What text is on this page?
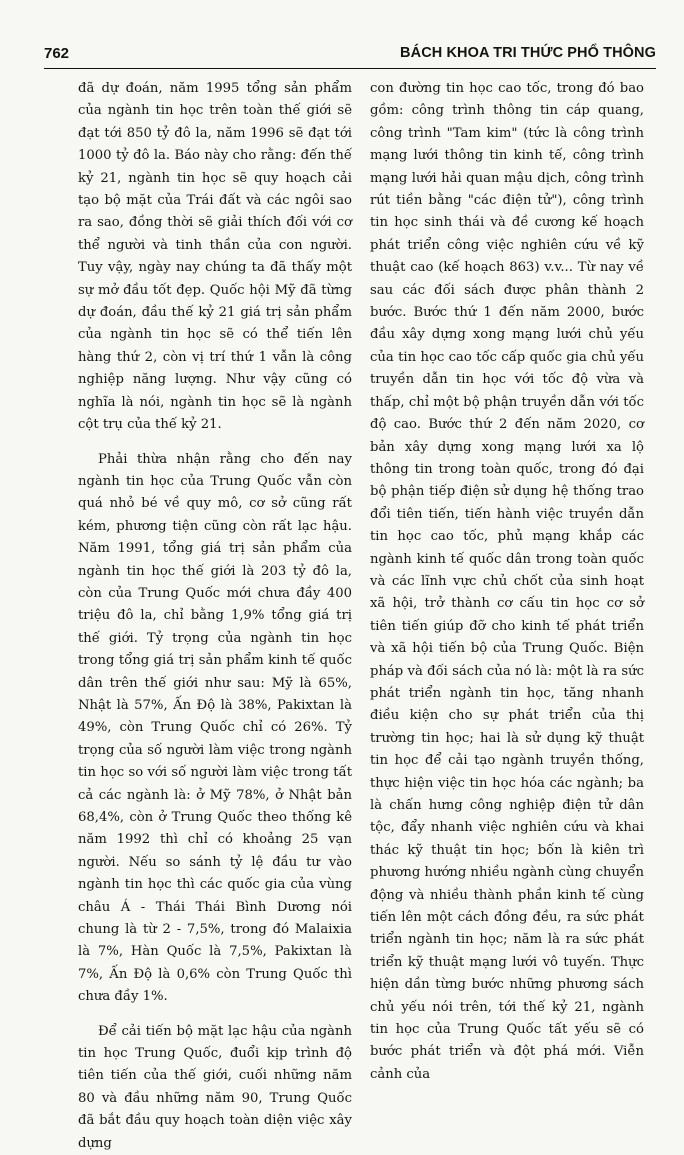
762	BÁCH KHOA TRI THỨC PHỔ THÔNG

đã dự đoán, năm 1995 tổng sản phẩm của ngành tin học trên toàn thế giới sẽ đạt tới 850 tỷ đô la, năm 1996 sẽ đạt tới 1000 tỷ đô la. Báo này cho rằng: đến thế kỷ 21, ngành tin học sẽ quy hoạch cải tạo bộ mặt của Trái đất và các ngôi sao ra sao, đồng thời sẽ giải thích đối với cơ thể người và tinh thần của con người. Tuy vậy, ngày nay chúng ta đã thấy một sự mở đầu tốt đẹp. Quốc hội Mỹ đã từng dự đoán, đầu thế kỷ 21 giá trị sản phẩm của ngành tin học sẽ có thể tiến lên hàng thứ 2, còn vị trí thứ 1 vẫn là công nghiệp năng lượng. Như vậy cũng có nghĩa là nói, ngành tin học sẽ là ngành cột trụ của thế kỷ 21.

Phải thừa nhận rằng cho đến nay ngành tin học của Trung Quốc vẫn còn quá nhỏ bé về quy mô, cơ sở cũng rất kém, phương tiện cũng còn rất lạc hậu. Năm 1991, tổng giá trị sản phẩm của ngành tin học thế giới là 203 tỷ đô la, còn của Trung Quốc mới chưa đầy 400 triệu đô la, chỉ bằng 1,9% tổng giá trị thế giới. Tỷ trọng của ngành tin học trong tổng giá trị sản phẩm kinh tế quốc dân trên thế giới như sau: Mỹ là 65%, Nhật là 57%, Ấn Độ là 38%, Pakixtan là 49%, còn Trung Quốc chỉ có 26%. Tỷ trọng của số người làm việc trong ngành tin học so với số người làm việc trong tất cả các ngành là: ở Mỹ 78%, ở Nhật bản 68,4%, còn ở Trung Quốc theo thống kê năm 1992 thì chỉ có khoảng 25 vạn người. Nếu so sánh tỷ lệ đầu tư vào ngành tin học thì các quốc gia của vùng châu Á - Thái Thái Bình Dương nói chung là từ 2 - 7,5%, trong đó Malaixia là 7%, Hàn Quốc là 7,5%, Pakixtan là 7%, Ấn Độ là 0,6% còn Trung Quốc thì chưa đầy 1%.

Để cải tiến bộ mặt lạc hậu của ngành tin học Trung Quốc, đuổi kịp trình độ tiên tiến của thế giới, cuối những năm 80 và đầu những năm 90, Trung Quốc đã bắt đầu quy hoạch toàn diện việc xây dựng

con đường tin học cao tốc, trong đó bao gồm: công trình thông tin cáp quang, công trình "Tam kim" (tức là công trình mạng lưới thông tin kinh tế, công trình mạng lưới hải quan mậu dịch, công trình rút tiền bằng "các điện tử"), công trình tin học sinh thái và đề cương kế hoạch phát triển công việc nghiên cứu về kỹ thuật cao (kế hoạch 863) v.v... Từ nay về sau các đối sách được phân thành 2 bước. Bước thứ 1 đến năm 2000, bước đầu xây dựng xong mạng lưới chủ yếu của tin học cao tốc cấp quốc gia chủ yếu truyền dẫn tin học với tốc độ vừa và thấp, chỉ một bộ phận truyền dẫn với tốc độ cao. Bước thứ 2 đến năm 2020, cơ bản xây dựng xong mạng lưới xa lộ thông tin trong toàn quốc, trong đó đại bộ phận tiếp điện sử dụng hệ thống trao đổi tiên tiến, tiến hành việc truyền dẫn tin học cao tốc, phủ mạng khắp các ngành kinh tế quốc dân trong toàn quốc và các lĩnh vực chủ chốt của sinh hoạt xã hội, trở thành cơ cấu tin học cơ sở tiên tiến giúp đỡ cho kinh tế phát triển và xã hội tiến bộ của Trung Quốc. Biện pháp và đối sách của nó là: một là ra sức phát triển ngành tin học, tăng nhanh điều kiện cho sự phát triển của thị trường tin học; hai là sử dụng kỹ thuật tin học để cải tạo ngành truyền thống, thực hiện việc tin học hóa các ngành; ba là chấn hưng công nghiệp điện tử dân tộc, đẩy nhanh việc nghiên cứu và khai thác kỹ thuật tin học; bốn là kiên trì phương hướng nhiều ngành cùng chuyển động và nhiều thành phần kinh tế cùng tiến lên một cách đồng đều, ra sức phát triển ngành tin học; năm là ra sức phát triển kỹ thuật mạng lưới vô tuyến. Thực hiện dần từng bước những phương sách chủ yếu nói trên, tới thế kỷ 21, ngành tin học của Trung Quốc tất yếu sẽ có bước phát triển và đột phá mới. Viễn cảnh của
